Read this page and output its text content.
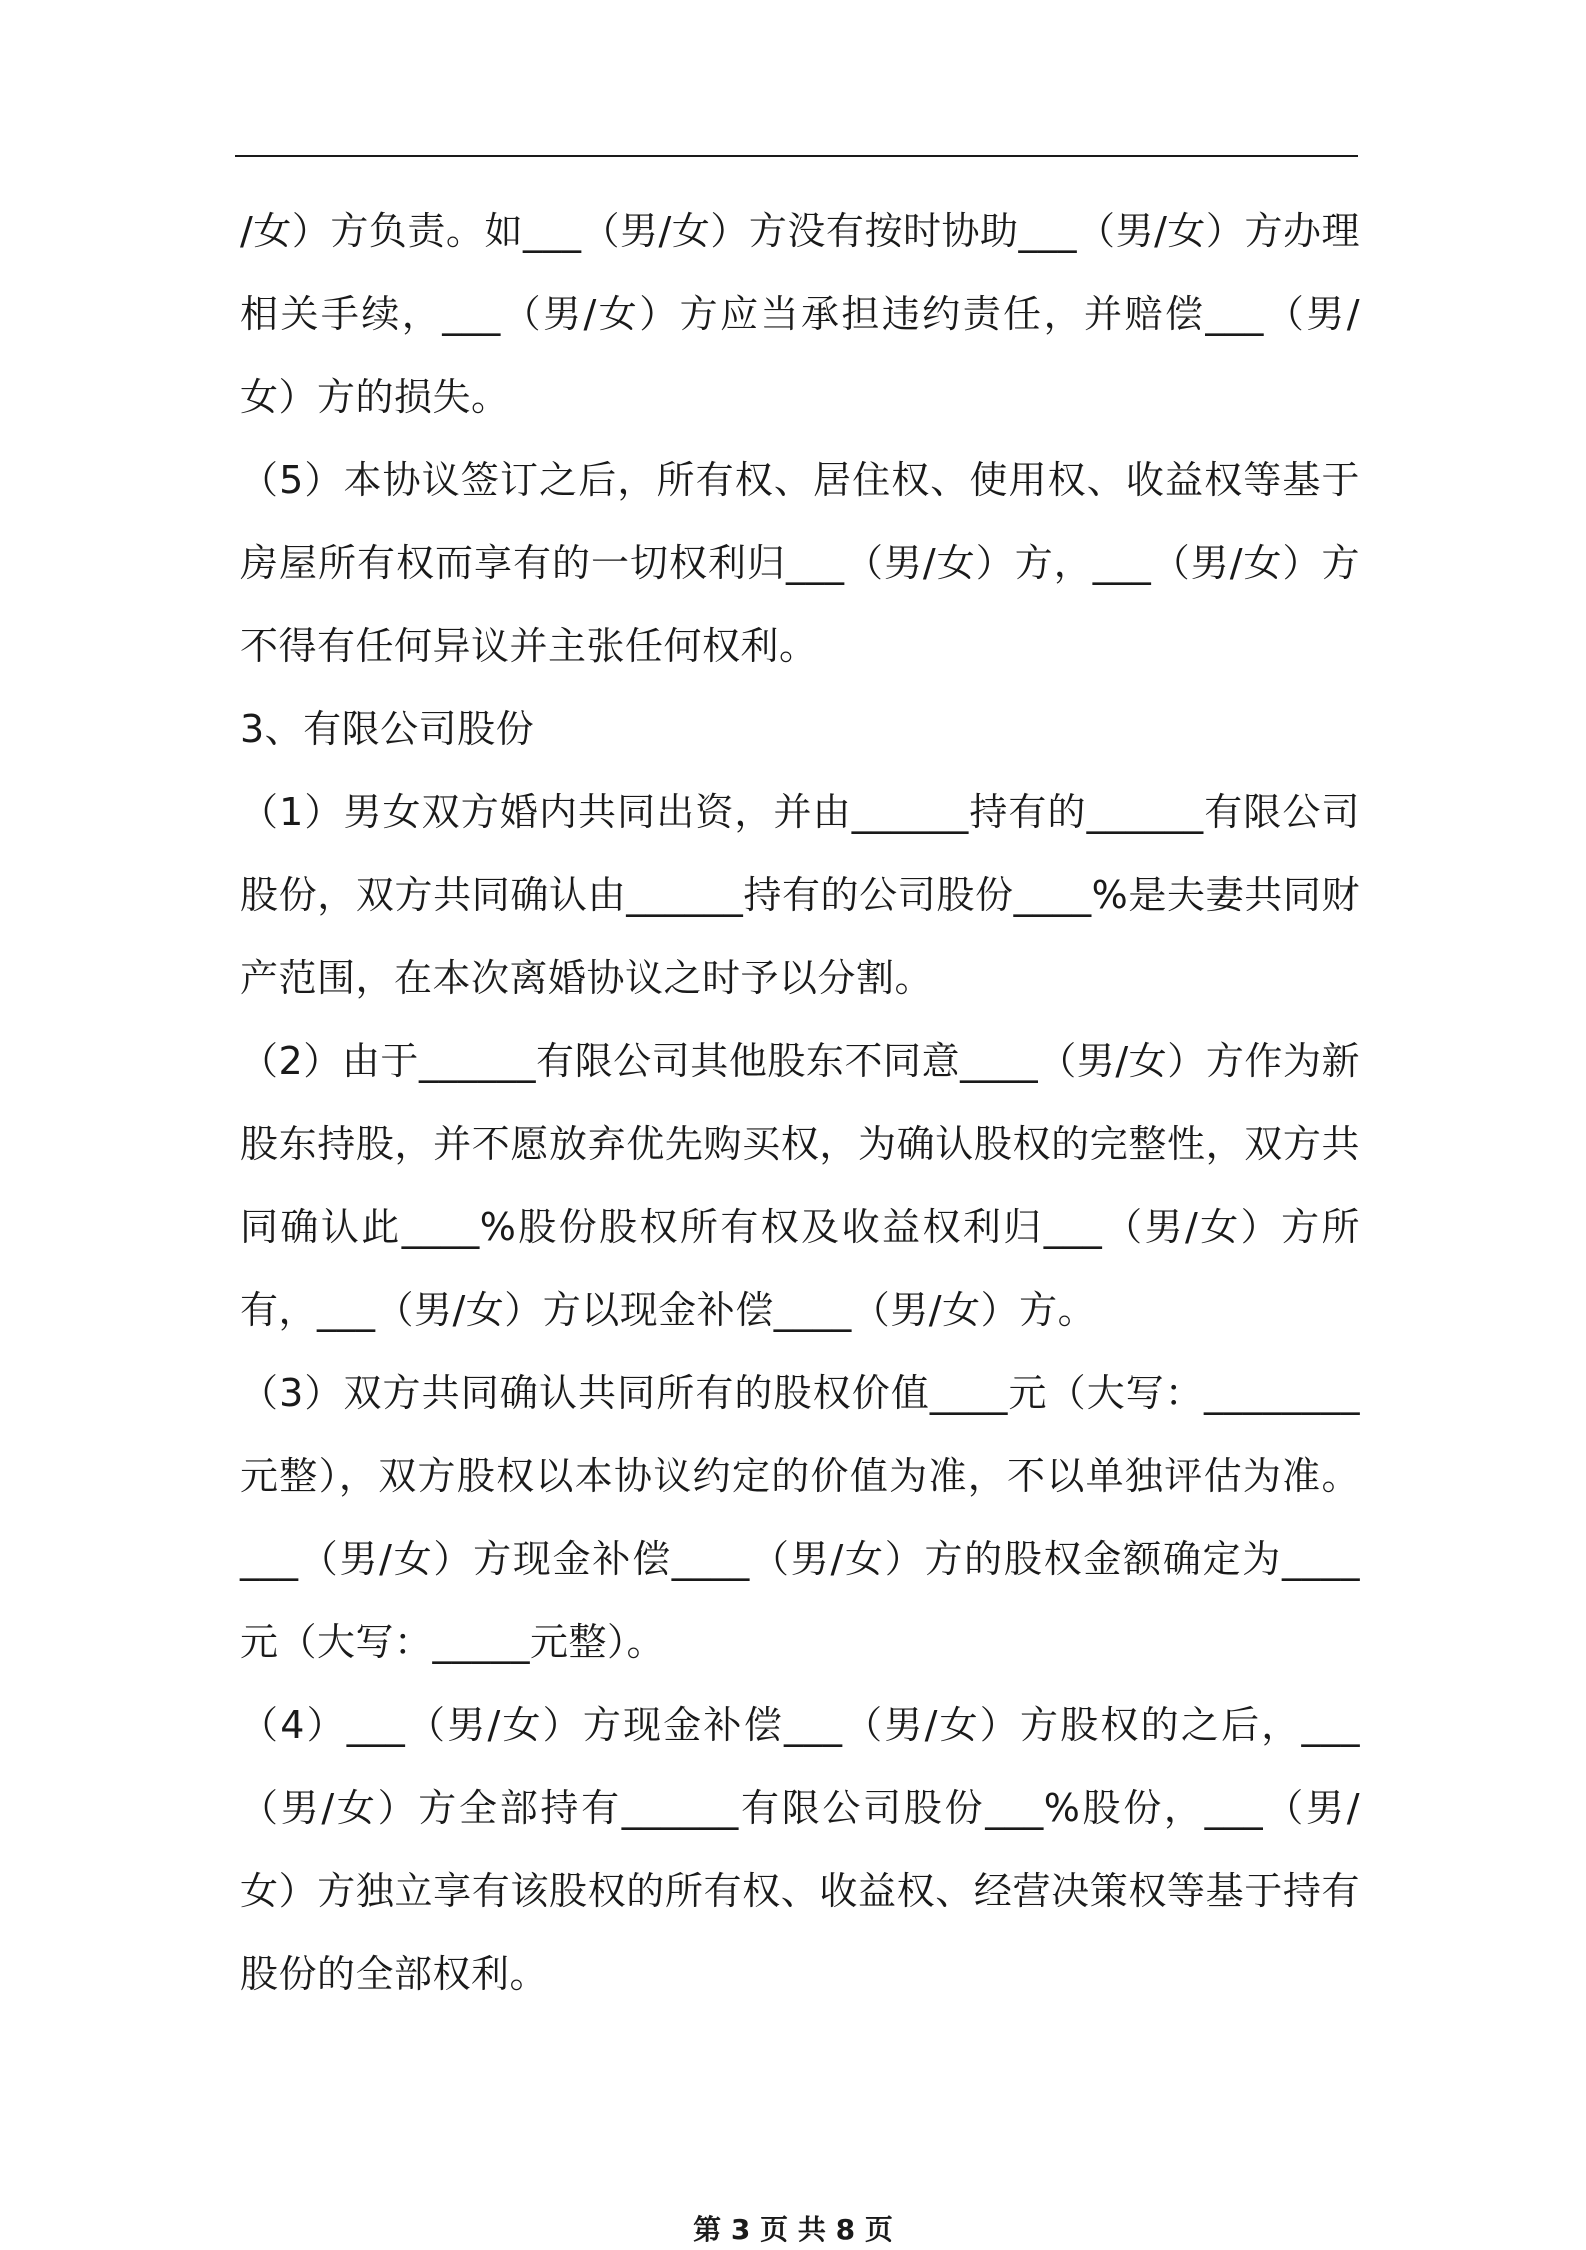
/女）方负责。如___（男/女）方没有按时协助___（男/女）方办理相关手续，___（男/女）方应当承担违约责任，并赔偿___（男/女）方的损失。

（5）本协议签订之后，所有权、居住权、使用权、收益权等基于房屋所有权而享有的一切权利归___（男/女）方，___（男/女）方不得有任何异议并主张任何权利。

3、有限公司股份

（1）男女双方婚内共同出资，并由______持有的______有限公司股份，双方共同确认由______持有的公司股份____%是夫妻共同财产范围，在本次离婚协议之时予以分割。

（2）由于______有限公司其他股东不同意____（男/女）方作为新股东持股，并不愿放弃优先购买权，为确认股权的完整性，双方共同确认此____%股份股权所有权及收益权利归___（男/女）方所有，___（男/女）方以现金补偿____（男/女）方。

（3）双方共同确认共同所有的股权价值____元（大写：________元整），双方股权以本协议约定的价值为准，不以单独评估为准。___（男/女）方现金补偿____（男/女）方的股权金额确定为____元（大写：_____元整）。

（4）___（男/女）方现金补偿___（男/女）方股权的之后，___（男/女）方全部持有______有限公司股份___%股份，___（男/女）方独立享有该股权的所有权、收益权、经营决策权等基于持有股份的全部权利。

第 3 页 共 8 页
